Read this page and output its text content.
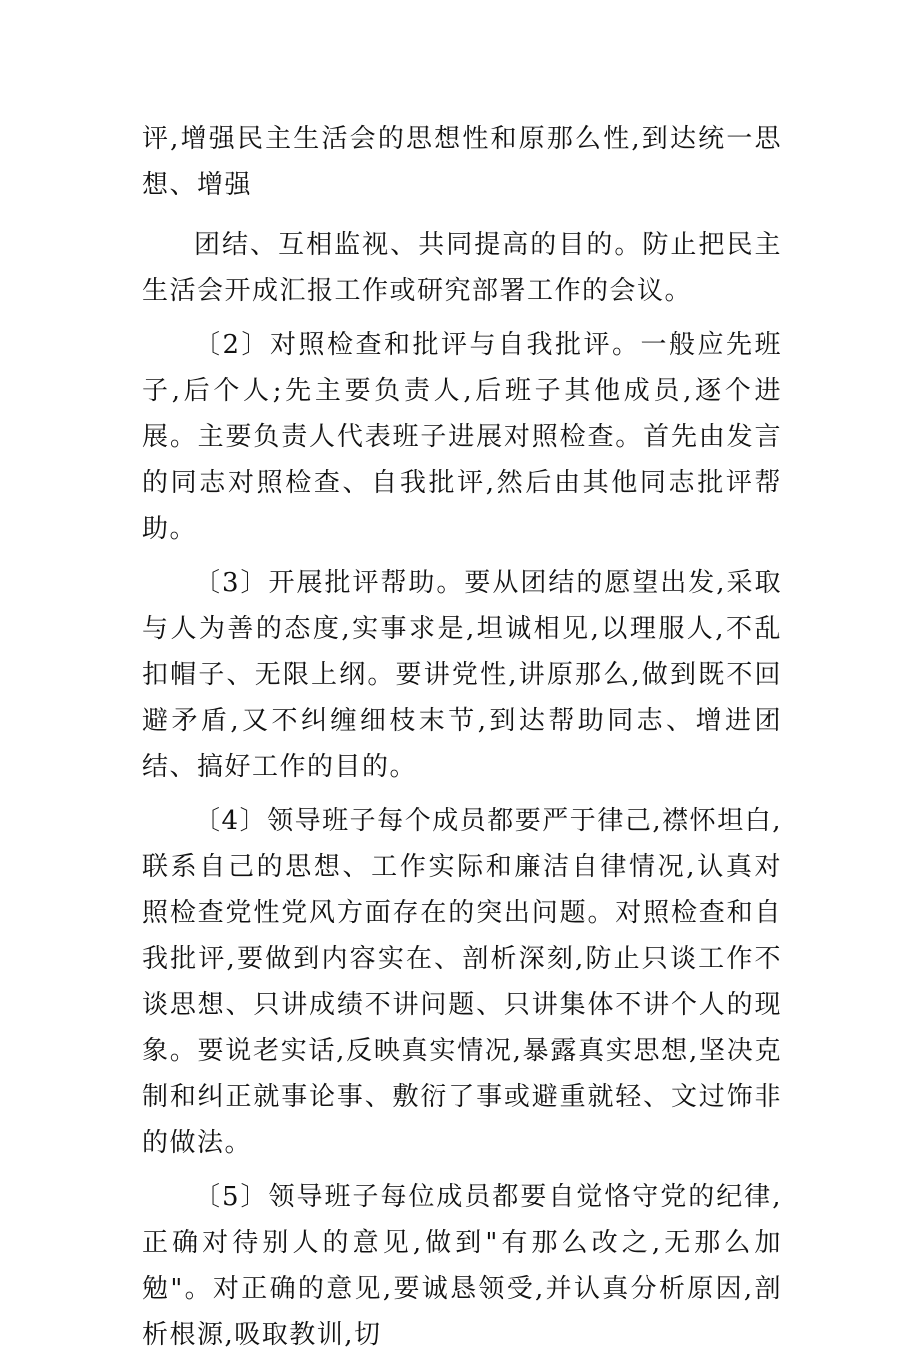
评,增强民主生活会的思想性和原那么性,到达统一思想、增强

团结、互相监视、共同提高的目的。防止把民主生活会开成汇报工作或研究部署工作的会议。

〔2〕对照检查和批评与自我批评。一般应先班子,后个人;先主要负责人,后班子其他成员,逐个进展。主要负责人代表班子进展对照检查。首先由发言的同志对照检查、自我批评,然后由其他同志批评帮助。

〔3〕开展批评帮助。要从团结的愿望出发,采取与人为善的态度,实事求是,坦诚相见,以理服人,不乱扣帽子、无限上纲。要讲党性,讲原那么,做到既不回避矛盾,又不纠缠细枝末节,到达帮助同志、增进团结、搞好工作的目的。

〔4〕领导班子每个成员都要严于律己,襟怀坦白,联系自己的思想、工作实际和廉洁自律情况,认真对照检查党性党风方面存在的突出问题。对照检查和自我批评,要做到内容实在、剖析深刻,防止只谈工作不谈思想、只讲成绩不讲问题、只讲集体不讲个人的现象。要说老实话,反映真实情况,暴露真实思想,坚决克制和纠正就事论事、敷衍了事或避重就轻、文过饰非的做法。

〔5〕领导班子每位成员都要自觉恪守党的纪律,正确对待别人的意见,做到"有那么改之,无那么加勉"。对正确的意见,要诚恳领受,并认真分析原因,剖析根源,吸取教训,切
